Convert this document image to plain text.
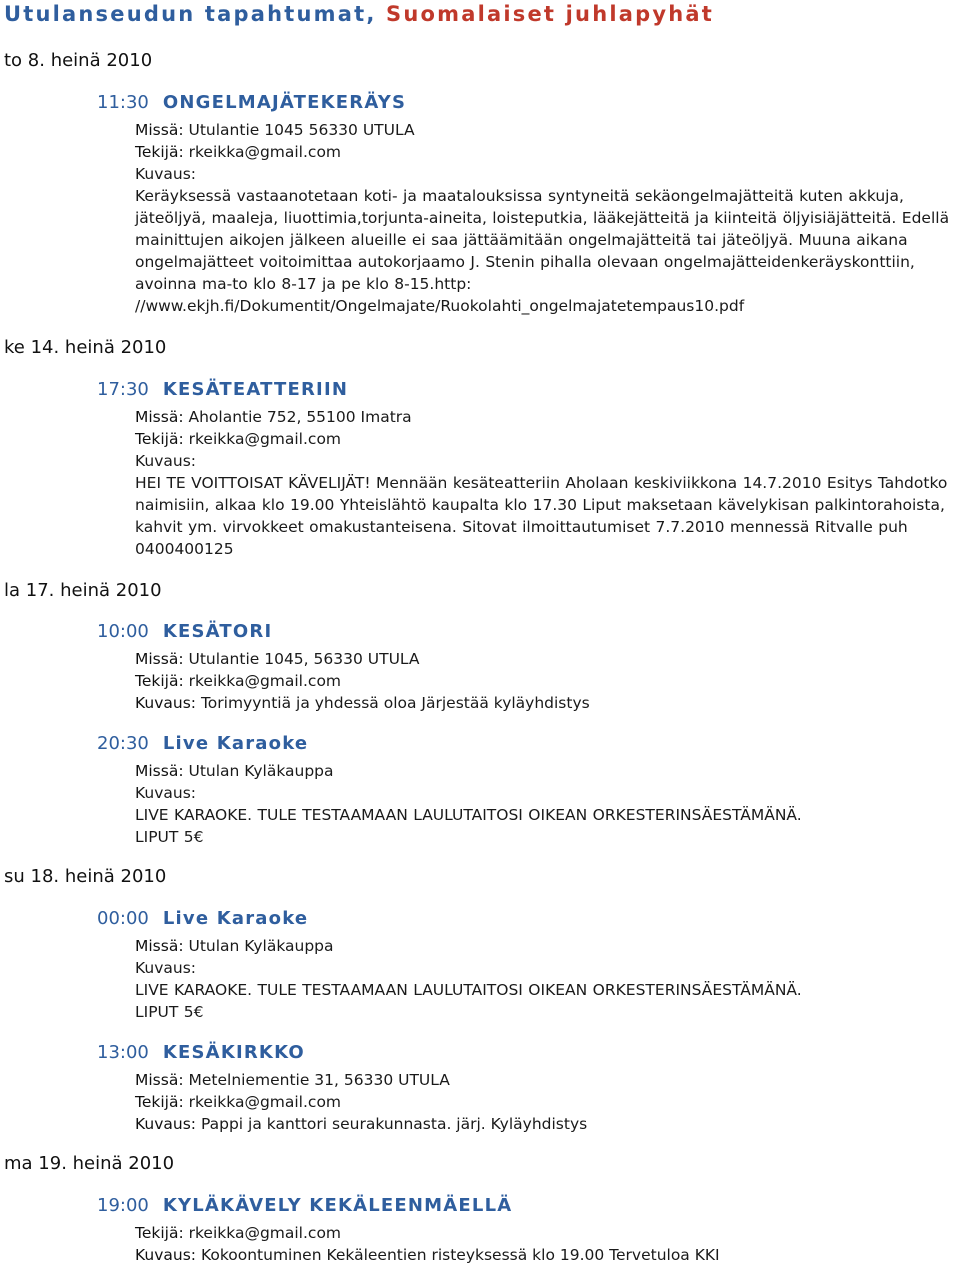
Utulanseudun tapahtumat, Suomalaiset juhlapyhät
to 8. heinä 2010
11:30 ONGELMAJÄTEKERÄYS
Missä: Utulantie 1045 56330 UTULA
Tekijä: rkeikka@gmail.com
Kuvaus:
Keräyksessä vastaanotetaan koti- ja maatalouksissa syntyneitä sekäongelmajätteitä kuten akkuja, jäteöljyä, maaleja, liuottimia,torjunta-aineita, loisteputkia, lääkejätteitä ja kiinteitä öljyisiäjätteitä. Edellä mainittujen aikojen jälkeen alueille ei saa jättäämitään ongelmajätteitä tai jäteöljyä. Muuna aikana ongelmajätteet voitoimittaa autokorjaamo J. Stenin pihalla olevaan ongelmajätteidenkeräyskonttiin, avoinna ma-to klo 8-17 ja pe klo 8-15.http: //www.ekjh.fi/Dokumentit/Ongelmajate/Ruokolahti_ongelmajatetempaus10.pdf
ke 14. heinä 2010
17:30 KESÄTEATTERIIN
Missä: Aholantie 752, 55100 Imatra
Tekijä: rkeikka@gmail.com
Kuvaus:
HEI TE VOITTOISAT KÄVELIJÄT! Mennään kesäteatteriin Aholaan keskiviikkona 14.7.2010 Esitys Tahdotko naimisiin, alkaa klo 19.00 Yhteislähtö kaupalta klo 17.30 Liput maksetaan kävelykisan palkintorahoista, kahvit ym. virvokkeet omakustanteisena. Sitovat ilmoittautumiset 7.7.2010 mennessä Ritvalle puh 0400400125
la 17. heinä 2010
10:00 KESÄTORI
Missä: Utulantie 1045, 56330 UTULA
Tekijä: rkeikka@gmail.com
Kuvaus: Torimyyntiä ja yhdessä oloa Järjestää kyläyhdistys
20:30 Live Karaoke
Missä: Utulan Kyläkauppa
Kuvaus:
LIVE KARAOKE. TULE TESTAAMAAN LAULUTAITOSI OIKEAN ORKESTERINSÄESTÄMÄNÄ.
LIPUT 5€
su 18. heinä 2010
00:00 Live Karaoke
Missä: Utulan Kyläkauppa
Kuvaus:
LIVE KARAOKE. TULE TESTAAMAAN LAULUTAITOSI OIKEAN ORKESTERINSÄESTÄMÄNÄ.
LIPUT 5€
13:00 KESÄKIRKKO
Missä: Metelniementie 31, 56330 UTULA
Tekijä: rkeikka@gmail.com
Kuvaus: Pappi ja kanttori seurakunnasta. järj. Kyläyhdistys
ma 19. heinä 2010
19:00 KYLÄKÄVELY KEKÄLEENMÄELLÄ
Tekijä: rkeikka@gmail.com
Kuvaus: Kokoontuminen Kekäleentien risteyksessä klo 19.00 Tervetuloa KKI
